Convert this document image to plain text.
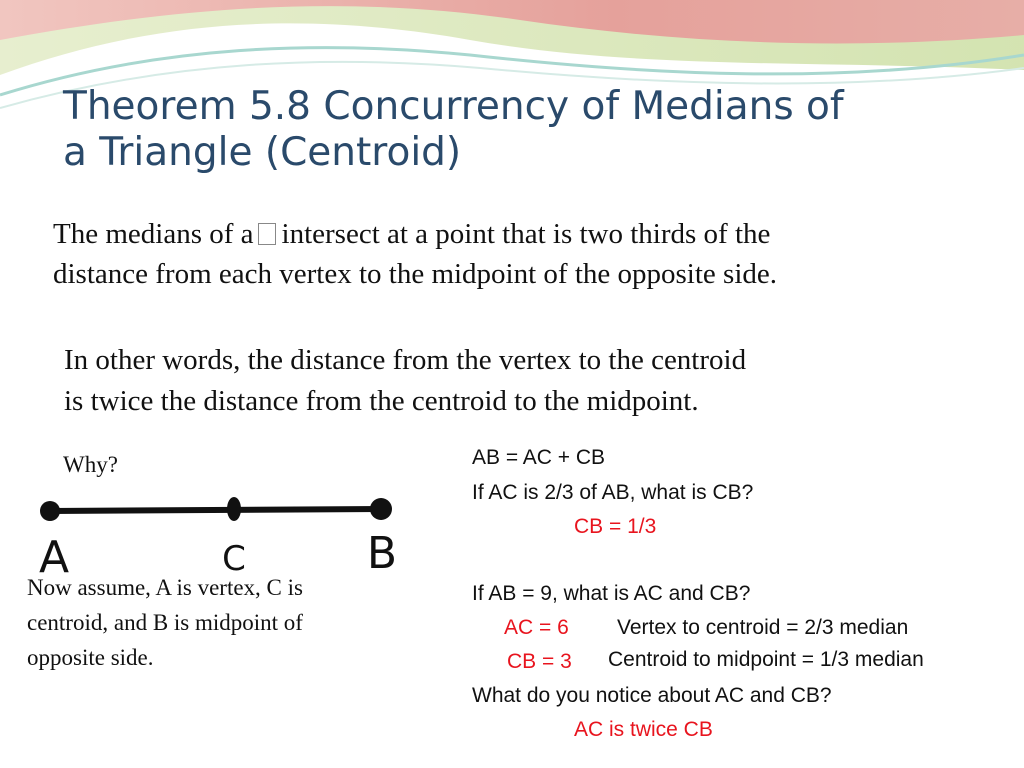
Theorem 5.8 Concurrency of Medians of
a Triangle (Centroid)
The medians of a intersect at a point that is two thirds of the
distance from each vertex to the midpoint of the opposite side.
In other words, the distance from the vertex to the centroid
is twice the distance from the centroid to the midpoint.
Why?
A	C	B
Now assume, A is vertex, C is
centroid, and B is midpoint of
opposite side.
AB = AC + CB
If AC is 2/3 of AB, what is CB?
CB = 1/3
If AB = 9, what is AC and CB?
AC = 6 Vertex to centroid = 2/3 median
CB = 3 Centroid to midpoint = 1/3 median
What do you notice about AC and CB?
AC is twice CB
